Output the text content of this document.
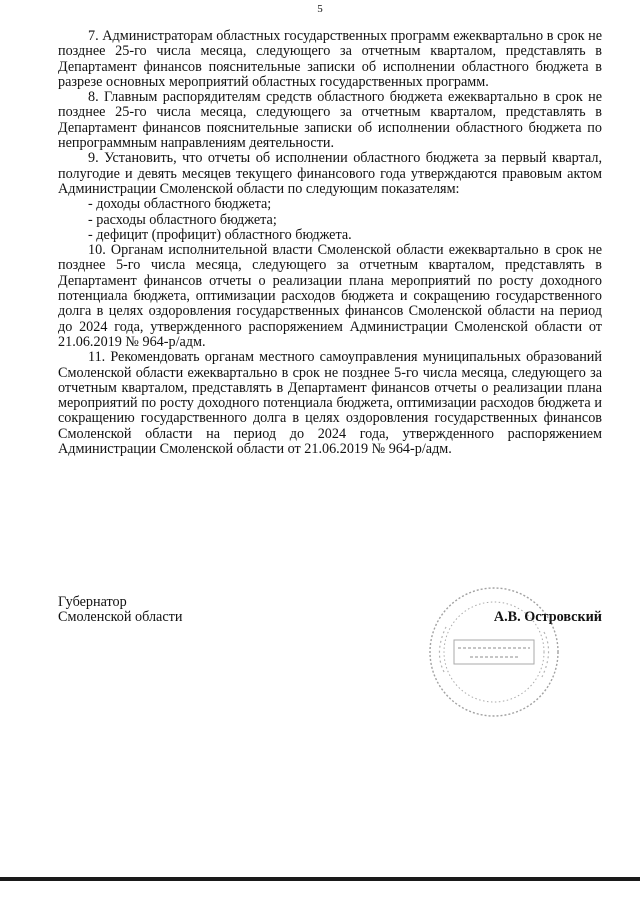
5

7. Администраторам областных государственных программ ежеквартально в срок не позднее 25-го числа месяца, следующего за отчетным кварталом, представлять в Департамент финансов пояснительные записки об исполнении областного бюджета в разрезе основных мероприятий областных государственных программ.

8. Главным распорядителям средств областного бюджета ежеквартально в срок не позднее 25-го числа месяца, следующего за отчетным кварталом, представлять в Департамент финансов пояснительные записки об исполнении областного бюджета по непрограммным направлениям деятельности.

9. Установить, что отчеты об исполнении областного бюджета за первый квартал, полугодие и девять месяцев текущего финансового года утверждаются правовым актом Администрации Смоленской области по следующим показателям:

- доходы областного бюджета;

- расходы областного бюджета;

- дефицит (профицит) областного бюджета.

10. Органам исполнительной власти Смоленской области ежеквартально в срок не позднее 5-го числа месяца, следующего за отчетным кварталом, представлять в Департамент финансов отчеты о реализации плана мероприятий по росту доходного потенциала бюджета, оптимизации расходов бюджета и сокращению государственного долга в целях оздоровления государственных финансов Смоленской области на период до 2024 года, утвержденного распоряжением Администрации Смоленской области от 21.06.2019 № 964-р/адм.

11. Рекомендовать органам местного самоуправления муниципальных образований Смоленской области ежеквартально в срок не позднее 5-го числа месяца, следующего за отчетным кварталом, представлять в Департамент финансов отчеты о реализации плана мероприятий по росту доходного потенциала бюджета, оптимизации расходов бюджета и сокращению государственного долга в целях оздоровления государственных финансов Смоленской области на период до 2024 года, утвержденного распоряжением Администрации Смоленской области от 21.06.2019 № 964-р/адм.

Губернатор
Смоленской области	А.В. Островский
